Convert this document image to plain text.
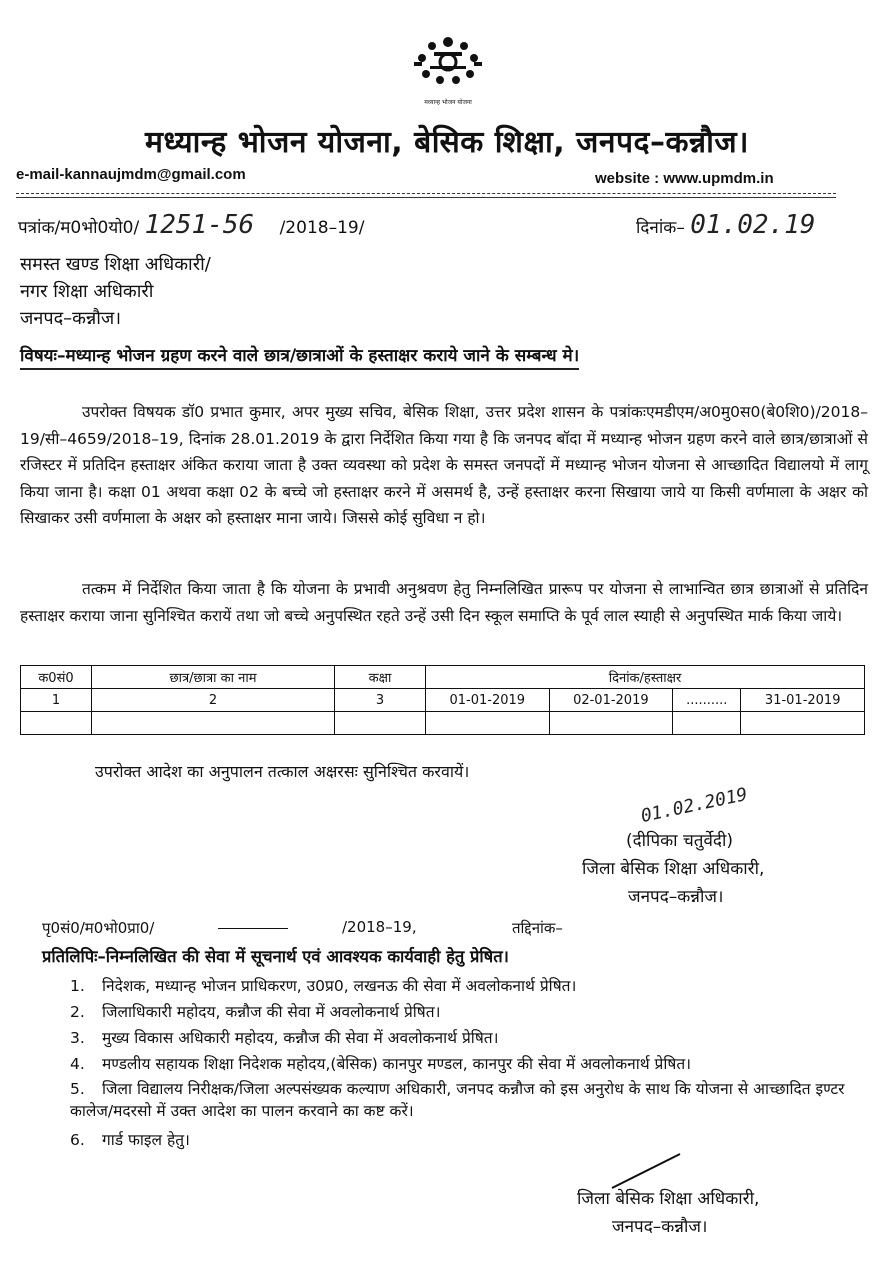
मध्यान्ह भोजन योजना
मध्यान्ह भोजन योजना, बेसिक शिक्षा, जनपद–कन्नौज।
e-mail-kannaujmdm@gmail.com	website : www.upmdm.in
पत्रांक/म0भो0यो0/ 1251-56 /2018–19/	दिनांक– 01.02.19
समस्त खण्ड शिक्षा अधिकारी/
नगर शिक्षा अधिकारी
जनपद–कन्नौज।
विषयः–मध्यान्ह भोजन ग्रहण करने वाले छात्र/छात्राओं के हस्ताक्षर कराये जाने के सम्बन्ध मे।
उपरोक्त विषयक डॉ0 प्रभात कुमार, अपर मुख्य सचिव, बेसिक शिक्षा, उत्तर प्रदेश शासन के पत्रांकःएमडीएम/अ0मु0स0(बे0शि0)/2018–19/सी–4659/2018–19, दिनांक 28.01.2019 के द्वारा निर्देशित किया गया है कि जनपद बॉदा में मध्यान्ह भोजन ग्रहण करने वाले छात्र/छात्राओं से रजिस्टर में प्रतिदिन हस्ताक्षर अंकित कराया जाता है उक्त व्यवस्था को प्रदेश के समस्त जनपदों में मध्यान्ह भोजन योजना से आच्छादित विद्यालयो में लागू किया जाना है। कक्षा 01 अथवा कक्षा 02 के बच्चे जो हस्ताक्षर करने में असमर्थ है, उन्हें हस्ताक्षर करना सिखाया जाये या किसी वर्णमाला के अक्षर को सिखाकर उसी वर्णमाला के अक्षर को हस्ताक्षर माना जाये। जिससे कोई सुविधा न हो।
तत्कम में निर्देशित किया जाता है कि योजना के प्रभावी अनुश्रवण हेतु निम्नलिखित प्रारूप पर योजना से लाभान्वित छात्र छात्राओं से प्रतिदिन हस्ताक्षर कराया जाना सुनिश्चित करायें तथा जो बच्चे अनुपस्थित रहते उन्हें उसी दिन स्कूल समाप्ति के पूर्व लाल स्याही से अनुपस्थित मार्क किया जाये।
क0सं0	छात्र/छात्रा का नाम	कक्षा	दिनांक/हस्ताक्षर			
1	2	3	01-01-2019	02-01-2019	..........	31-01-2019

उपरोक्त आदेश का अनुपालन तत्काल अक्षरसः सुनिश्चित करवायें।
01.02.2019
(दीपिका चतुर्वेदी)
जिला बेसिक शिक्षा अधिकारी,
जनपद–कन्नौज।
पृ0सं0/म0भो0प्रा0/	/2018–19,	तद्दिनांक–
प्रतिलिपिः–निम्नलिखित की सेवा में सूचनार्थ एवं आवश्यक कार्यवाही हेतु प्रेषित।
1. निदेशक, मध्यान्ह भोजन प्राधिकरण, उ0प्र0, लखनऊ की सेवा में अवलोकनार्थ प्रेषित।
2. जिलाधिकारी महोदय, कन्नौज की सेवा में अवलोकनार्थ प्रेषित।
3. मुख्य विकास अधिकारी महोदय, कन्नौज की सेवा में अवलोकनार्थ प्रेषित।
4. मण्डलीय सहायक शिक्षा निदेशक महोदय,(बेसिक) कानपुर मण्डल, कानपुर की सेवा में अवलोकनार्थ प्रेषित।
5. जिला विद्यालय निरीक्षक/जिला अल्पसंख्यक कल्याण अधिकारी, जनपद कन्नौज को इस अनुरोध के साथ कि योजना से आच्छादित इण्टर कालेज/मदरसो में उक्त आदेश का पालन करवाने का कष्ट करें।
6. गार्ड फाइल हेतु।
जिला बेसिक शिक्षा अधिकारी,
जनपद–कन्नौज।
